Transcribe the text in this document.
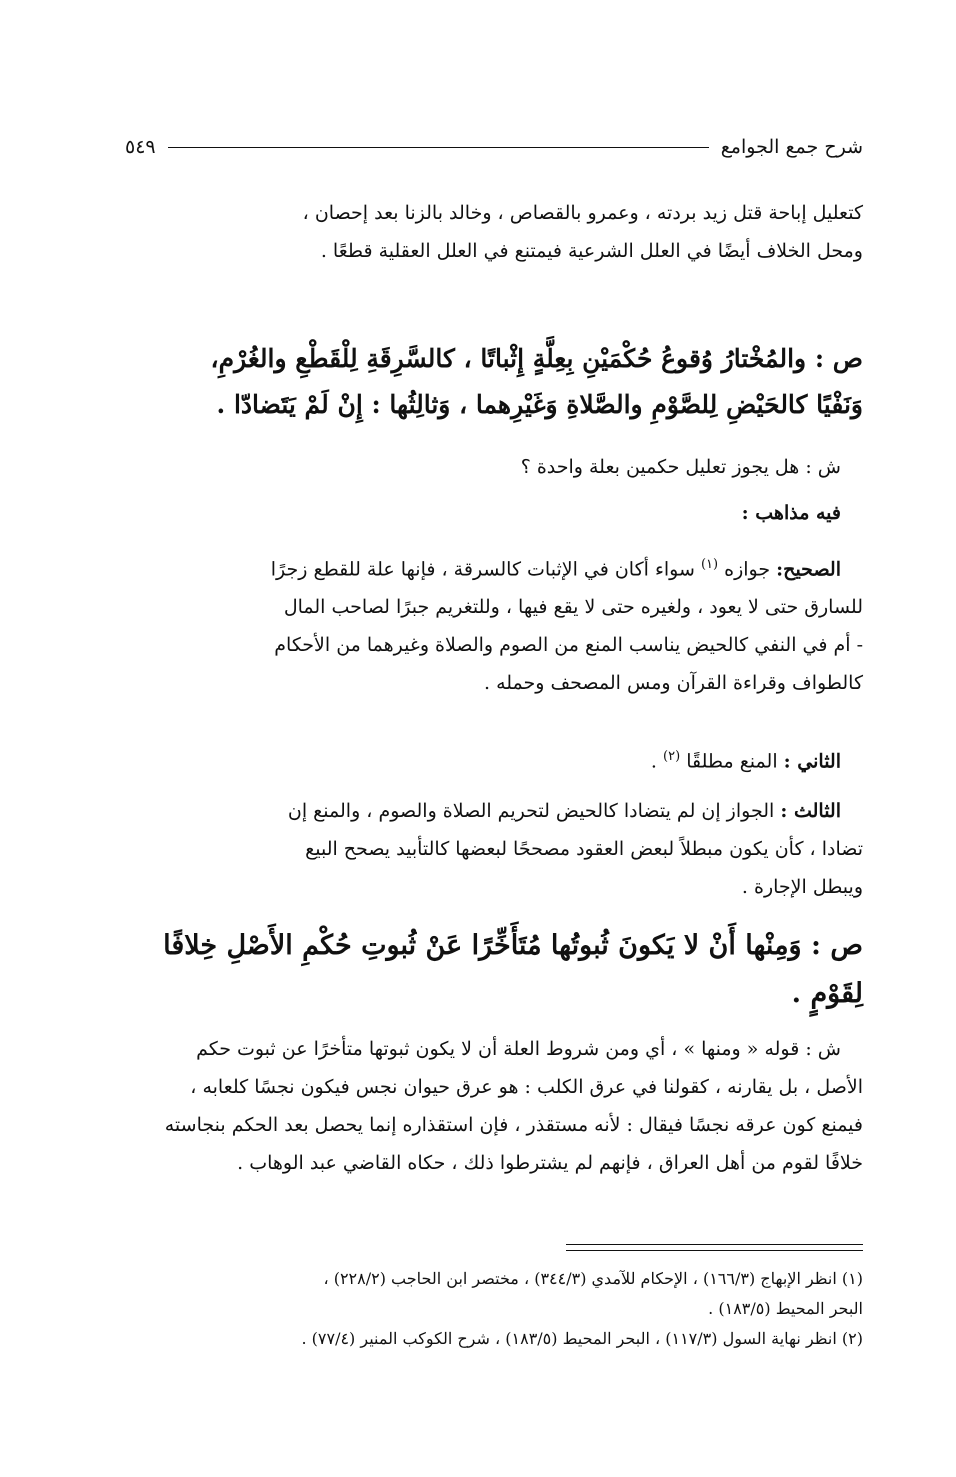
شرح جمع الجوامع
٥٤٩
كتعليل إباحة قتل زيد بردته ، وعمرو بالقصاص ، وخالد بالزنا بعد إحصان ،
ومحل الخلاف أيضًا في العلل الشرعية فيمتنع في العلل العقلية قطعًا .
ص : والمُخْتارُ وُقوعُ حُكْمَيْنِ بِعِلَّةٍ إِثْباتًا ، كالسَّرِقَةِ لِلْقَطْعِ والغُرْمِ،
وَنَفْيًا كالحَيْضِ لِلصَّوْمِ والصَّلاةِ وَغَيْرِهما ، وَثالِثُها : إِنْ لَمْ يَتَضادّا .
ش : هل يجوز تعليل حكمين بعلة واحدة ؟
فيه مذاهب :
الصحيح: جوازه $^{(١)}$ سواء أكان في الإثبات كالسرقة ، فإنها علة للقطع زجرًا
للسارق حتى لا يعود ، ولغيره حتى لا يقع فيها ، وللتغريم جبرًا لصاحب المال
- أم في النفي كالحيض يناسب المنع من الصوم والصلاة وغيرهما من الأحكام
كالطواف وقراءة القرآن ومس المصحف وحمله .
الثاني : المنع مطلقًا $^{(٢)}$ .
الثالث : الجواز إن لم يتضادا كالحيض لتحريم الصلاة والصوم ، والمنع إن
تضادا ، كأن يكون مبطلاً لبعض العقود مصححًا لبعضها كالتأبيد يصحح البيع
ويبطل الإجارة .
ص : وَمِنْها أَنْ لا يَكونَ ثُبوتُها مُتَأَخِّرًا عَنْ ثُبوتِ حُكْمِ الأَصْلِ خِلافًا
لِقَوْمٍ .
ش : قوله « ومنها » ، أي ومن شروط العلة أن لا يكون ثبوتها متأخرًا عن ثبوت حكم
الأصل ، بل يقارنه ، كقولنا في عرق الكلب : هو عرق حيوان نجس فيكون نجسًا كلعابه ،
فيمنع كون عرقه نجسًا فيقال : لأنه مستقذر ، فإن استقذاره إنما يحصل بعد الحكم بنجاسته
خلافًا لقوم من أهل العراق ، فإنهم لم يشترطوا ذلك ، حكاه القاضي عبد الوهاب .
(١) انظر الإبهاج (١٦٦/٣) ، الإحكام للآمدي (٣٤٤/٣) ، مختصر ابن الحاجب (٢٢٨/٢) ،
البحر المحيط (١٨٣/٥) .
(٢) انظر نهاية السول (١١٧/٣) ، البحر المحيط (١٨٣/٥) ، شرح الكوكب المنير (٧٧/٤) .
